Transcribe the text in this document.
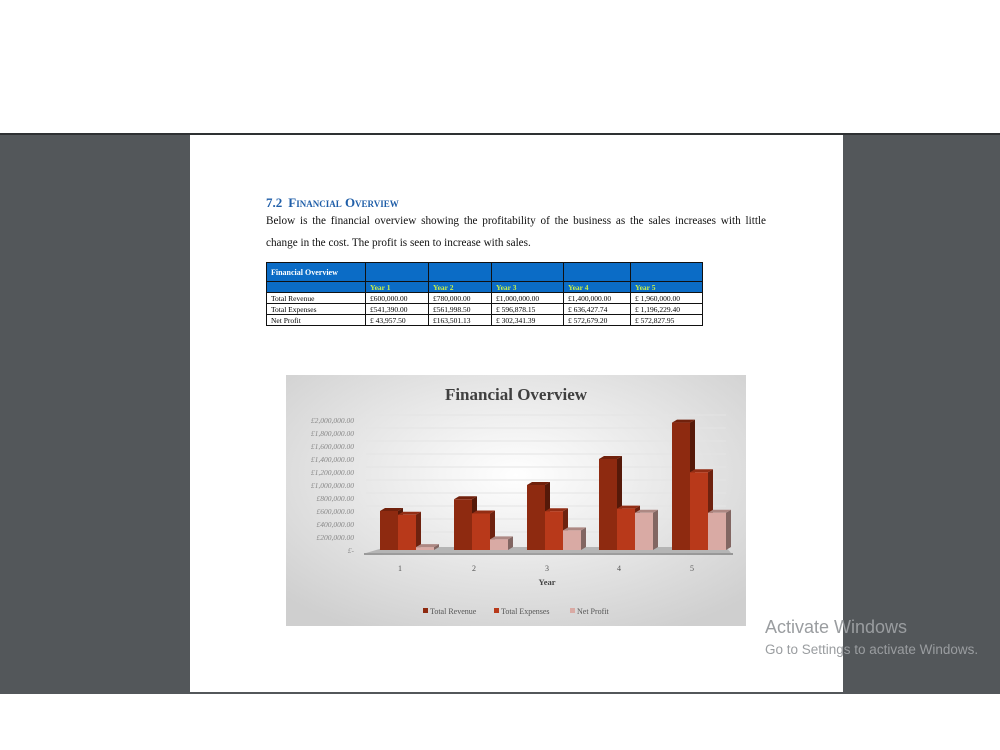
7.2 Financial Overview
Below is the financial overview showing the profitability of the business as the sales increases with little change in the cost. The profit is seen to increase with sales.
Financial Overview					
	Year 1	Year 2	Year 3	Year 4	Year 5
Total Revenue	£600,000.00	£780,000.00	£1,000,000.00	£1,400,000.00	£ 1,960,000.00
Total Expenses	£541,390.00	£561,998.50	£ 596,878.15	£ 636,427.74	£ 1,196,229.40
Net Profit	£ 43,957.50	£163,501.13	£ 302,341.39	£ 572,679.20	£ 572,827.95
Financial Overview
£-
£200,000.00
£400,000.00
£600,000.00
£800,000.00
£1,000,000.00
£1,200,000.00
£1,400,000.00
£1,600,000.00
£1,800,000.00
£2,000,000.00
1	2	3	4	5
Year
Total Revenue	Total Expenses	Net Profit
Activate Windows
Go to Settings to activate Windows.
